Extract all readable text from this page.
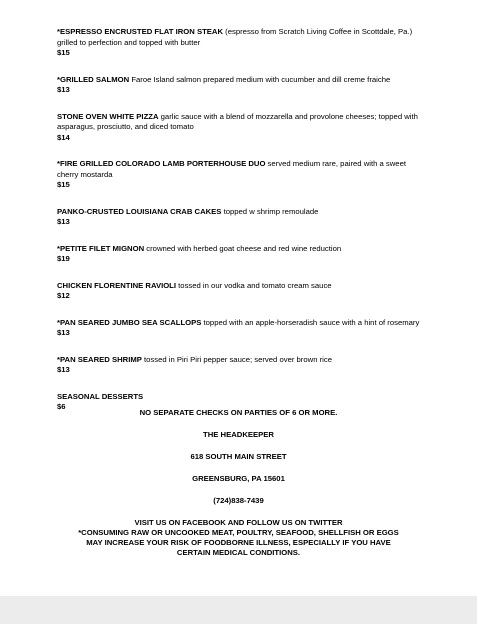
*ESPRESSO ENCRUSTED FLAT IRON STEAK (espresso from Scratch Living Coffee in Scottdale, Pa.) grilled to perfection and topped with butter
$15
*GRILLED SALMON Faroe Island salmon prepared medium with cucumber and dill creme fraiche
$13
STONE OVEN WHITE PIZZA garlic sauce with a blend of mozzarella and provolone cheeses; topped with asparagus, prosciutto, and diced tomato
$14
*FIRE GRILLED COLORADO LAMB PORTERHOUSE DUO served medium rare, paired with a sweet cherry mostarda
$15
PANKO-CRUSTED LOUISIANA CRAB CAKES topped w shrimp remoulade
$13
*PETITE FILET MIGNON crowned with herbed goat cheese and red wine reduction
$19
CHICKEN FLORENTINE RAVIOLI tossed in our vodka and tomato cream sauce
$12
*PAN SEARED JUMBO SEA SCALLOPS topped with an apple-horseradish sauce with a hint of rosemary
$13
*PAN SEARED SHRIMP tossed in Piri Piri pepper sauce; served over brown rice
$13
SEASONAL DESSERTS
$6
NO SEPARATE CHECKS ON PARTIES OF 6 OR MORE.
THE HEADKEEPER
618 SOUTH MAIN STREET
GREENSBURG, PA 15601
(724)838-7439
VISIT US ON FACEBOOK AND FOLLOW US ON TWITTER
*CONSUMING RAW OR UNCOOKED MEAT, POULTRY, SEAFOOD, SHELLFISH OR EGGS
MAY INCREASE YOUR RISK OF FOODBORNE ILLNESS, ESPECIALLY IF YOU HAVE
CERTAIN MEDICAL CONDITIONS.
